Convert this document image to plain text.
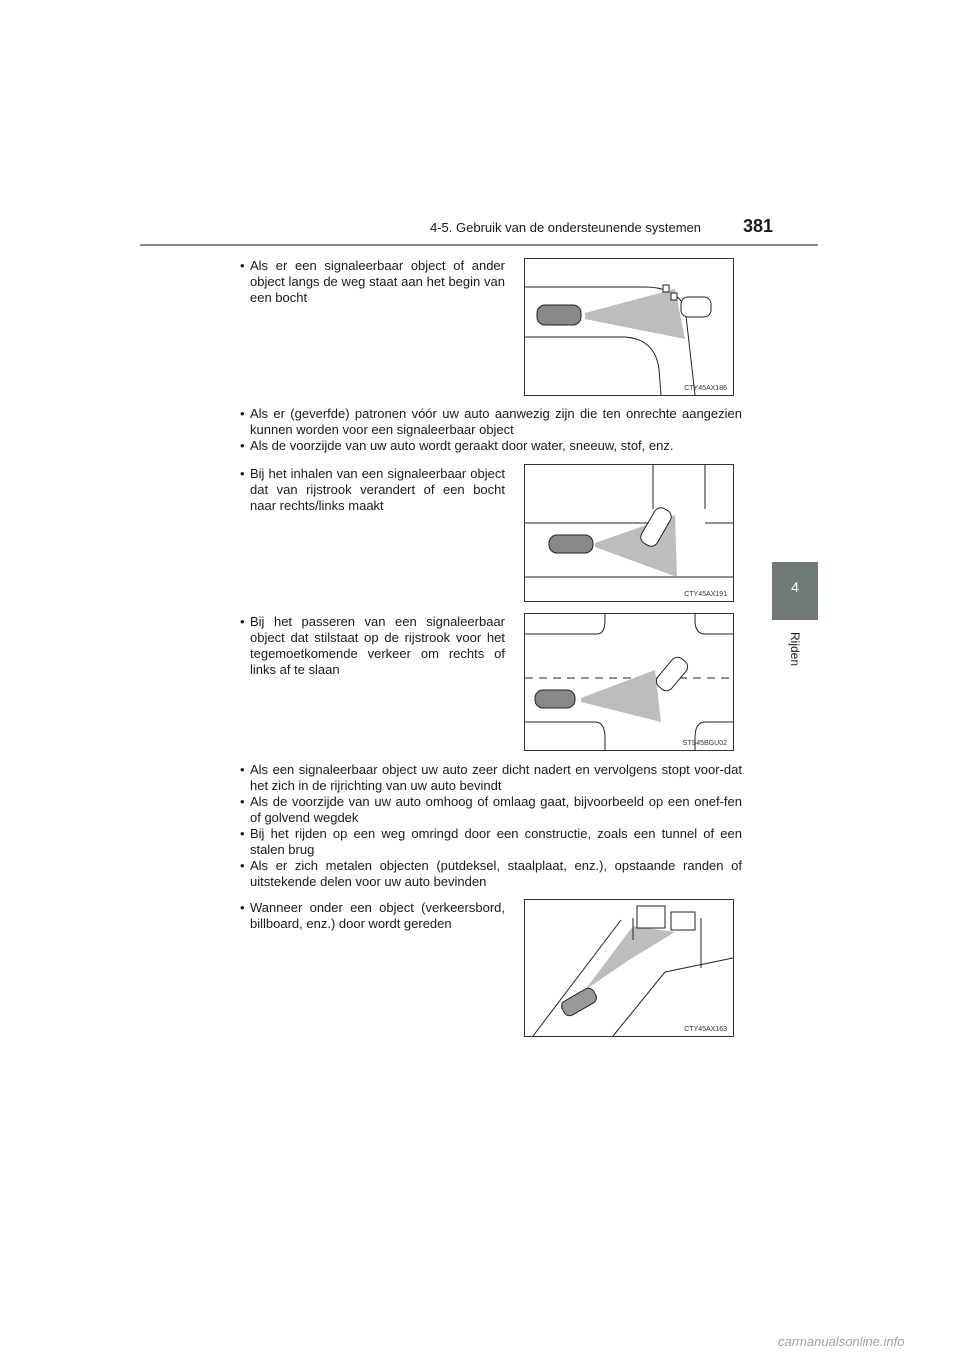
4-5. Gebruik van de ondersteunende systemen 381
4
Rijden
• Als er een signaleerbaar object of ander object langs de weg staat aan het begin van een bocht
CTY45AX186
• Als er (geverfde) patronen vóór uw auto aanwezig zijn die ten onrechte aangezien kunnen worden voor een signaleerbaar object
• Als de voorzijde van uw auto wordt geraakt door water, sneeuw, stof, enz.
• Bij het inhalen van een signaleerbaar object dat van rijstrook verandert of een bocht naar rechts/links maakt
CTY45AX191
• Bij het passeren van een signaleerbaar object dat stilstaat op de rijstrook voor het tegemoetkomende verkeer om rechts of links af te slaan
STS45BGU02
• Als een signaleerbaar object uw auto zeer dicht nadert en vervolgens stopt voor-dat het zich in de rijrichting van uw auto bevindt
• Als de voorzijde van uw auto omhoog of omlaag gaat, bijvoorbeeld op een onef-fen of golvend wegdek
• Bij het rijden op een weg omringd door een constructie, zoals een tunnel of een stalen brug
• Als er zich metalen objecten (putdeksel, staalplaat, enz.), opstaande randen of uitstekende delen voor uw auto bevinden
• Wanneer onder een object (verkeersbord, billboard, enz.) door wordt gereden
CTY45AX163
carmanualsonline.info
